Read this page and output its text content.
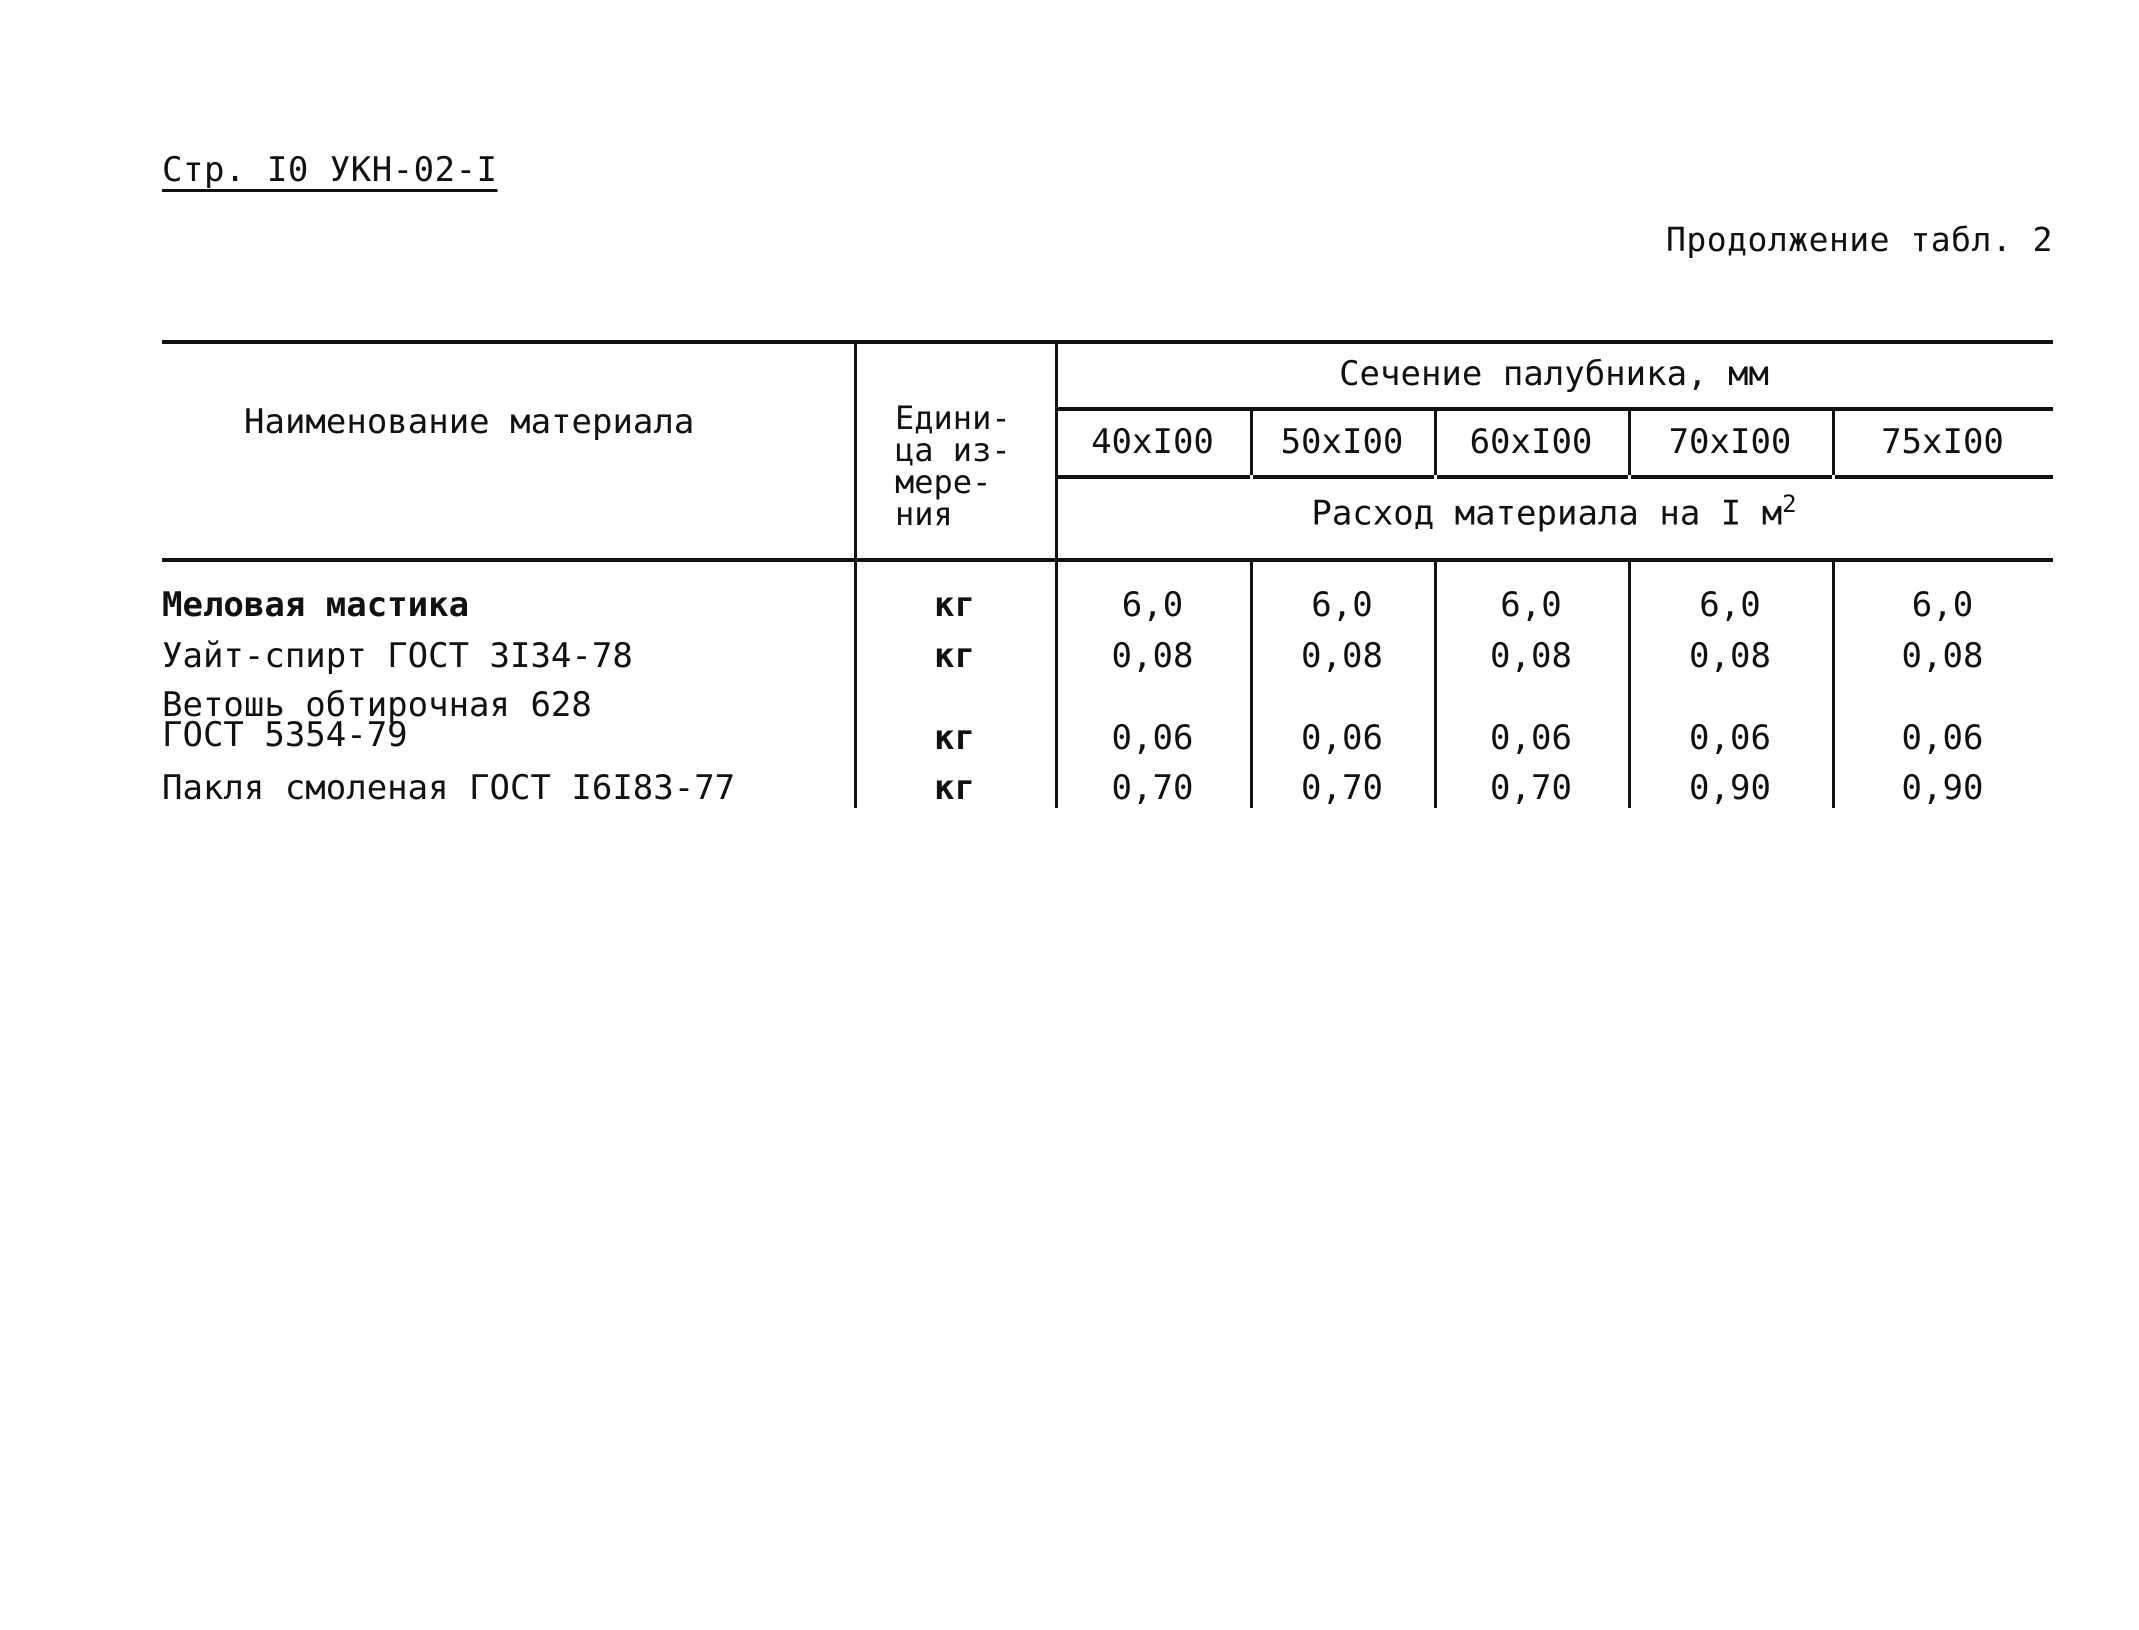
Стр. I0 УКН-02-I
Продолжение табл. 2
Наименование материала	Едини-
ца из-
мере-
ния
Сечение палубника, мм
40хI00	50хI00	60хI00	70хI00	75хI00
Расход материала на I $м^2$
Меловая мастика	кг	6,0	6,0	6,0	6,0	6,0
Уайт-спирт ГОСТ 3I34-78	кг	0,08	0,08	0,08	0,08	0,08
Ветошь обтирочная 628
ГОСТ 5354-79	кг	0,06	0,06	0,06	0,06	0,06
Пакля смоленая ГОСТ I6I83-77	кг	0,70	0,70	0,70	0,90	0,90
